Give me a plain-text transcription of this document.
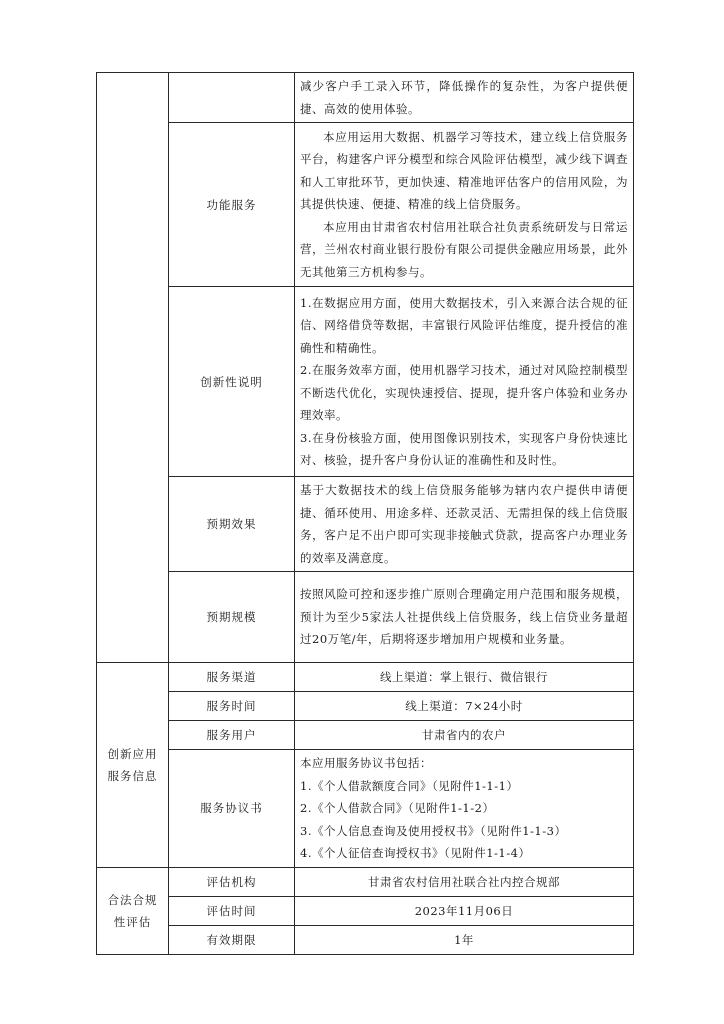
		减少客户手工录入环节，降低操作的复杂性，为客户提供便捷、高效的使用体验。
	功能服务	本应用运用大数据、机器学习等技术，建立线上信贷服务平台，构建客户评分模型和综合风险评估模型，减少线下调查和人工审批环节，更加快速、精准地评估客户的信用风险，为其提供快速、便捷、精准的线上信贷服务。

本应用由甘肃省农村信用社联合社负责系统研发与日常运营，兰州农村商业银行股份有限公司提供金融应用场景，此外无其他第三方机构参与。

	创新性说明	1.在数据应用方面，使用大数据技术，引入来源合法合规的征信、网络借贷等数据，丰富银行风险评估维度，提升授信的准确性和精确性。

2.在服务效率方面，使用机器学习技术，通过对风险控制模型不断迭代优化，实现快速授信、提现，提升客户体验和业务办理效率。

3.在身份核验方面，使用图像识别技术，实现客户身份快速比对、核验，提升客户身份认证的准确性和及时性。

	预期效果	基于大数据技术的线上信贷服务能够为辖内农户提供申请便捷、循环使用、用途多样、还款灵活、无需担保的线上信贷服务，客户足不出户即可实现非接触式贷款，提高客户办理业务的效率及满意度。
	预期规模	按照风险可控和逐步推广原则合理确定用户范围和服务规模，预计为至少5家法人社提供线上信贷服务，线上信贷业务量超过20万笔/年，后期将逐步增加用户规模和业务量。
创新应用服务信息	服务渠道	线上渠道：掌上银行、微信银行
	服务时间	线上渠道：7×24小时
	服务用户	甘肃省内的农户
	服务协议书	本应用服务协议书包括：

1.《个人借款额度合同》（见附件1-1-1）

2.《个人借款合同》（见附件1-1-2）

3.《个人信息查询及使用授权书》（见附件1-1-3）

4.《个人征信查询授权书》（见附件1-1-4）

合法合规性评估	评估机构	甘肃省农村信用社联合社内控合规部
	评估时间	2023年11月06日
	有效期限	1年
